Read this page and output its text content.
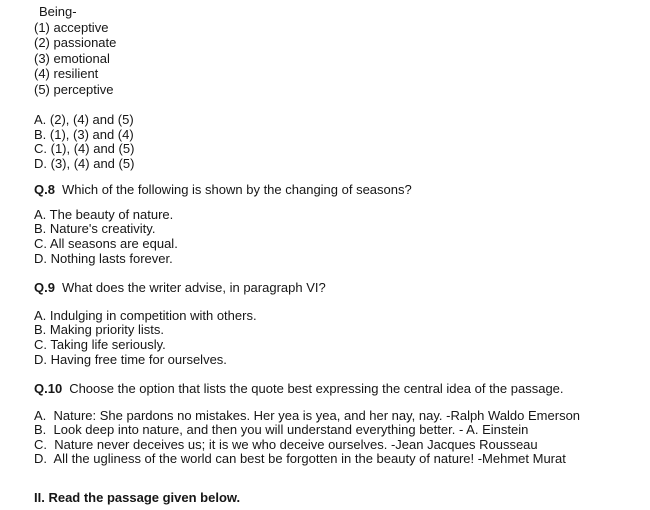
Being-
(1) acceptive
(2) passionate
(3) emotional
(4) resilient
(5) perceptive
A. (2), (4) and (5)
B. (1), (3) and (4)
C. (1), (4) and (5)
D. (3), (4) and (5)
Q.8 Which of the following is shown by the changing of seasons?
A. The beauty of nature.
B. Nature's creativity.
C. All seasons are equal.
D. Nothing lasts forever.
Q.9 What does the writer advise, in paragraph VI?
A. Indulging in competition with others.
B. Making priority lists.
C. Taking life seriously.
D. Having free time for ourselves.
Q.10 Choose the option that lists the quote best expressing the central idea of the passage.
A.  Nature: She pardons no mistakes. Her yea is yea, and her nay, nay. -Ralph Waldo Emerson
B.  Look deep into nature, and then you will understand everything better. - A. Einstein
C.  Nature never deceives us; it is we who deceive ourselves. -Jean Jacques Rousseau
D.  All the ugliness of the world can best be forgotten in the beauty of nature! -Mehmet Murat
II. Read the passage given below.
